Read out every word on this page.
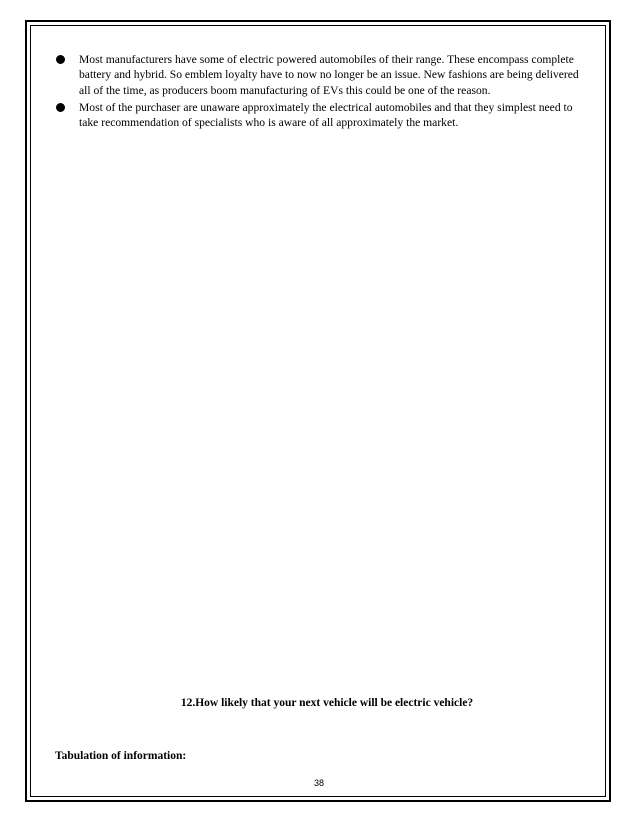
Most manufacturers have some of electric powered automobiles of their range. These encompass complete battery and hybrid. So emblem loyalty have to now no longer be an issue. New fashions are being delivered all of the time, as producers boom manufacturing of EVs this could be one of the reason.
Most of the purchaser are unaware approximately the electrical automobiles and that they simplest need to take recommendation of specialists who is aware of all approximately the market.
12.How likely that your next vehicle will be electric vehicle?
Tabulation of information:
38
